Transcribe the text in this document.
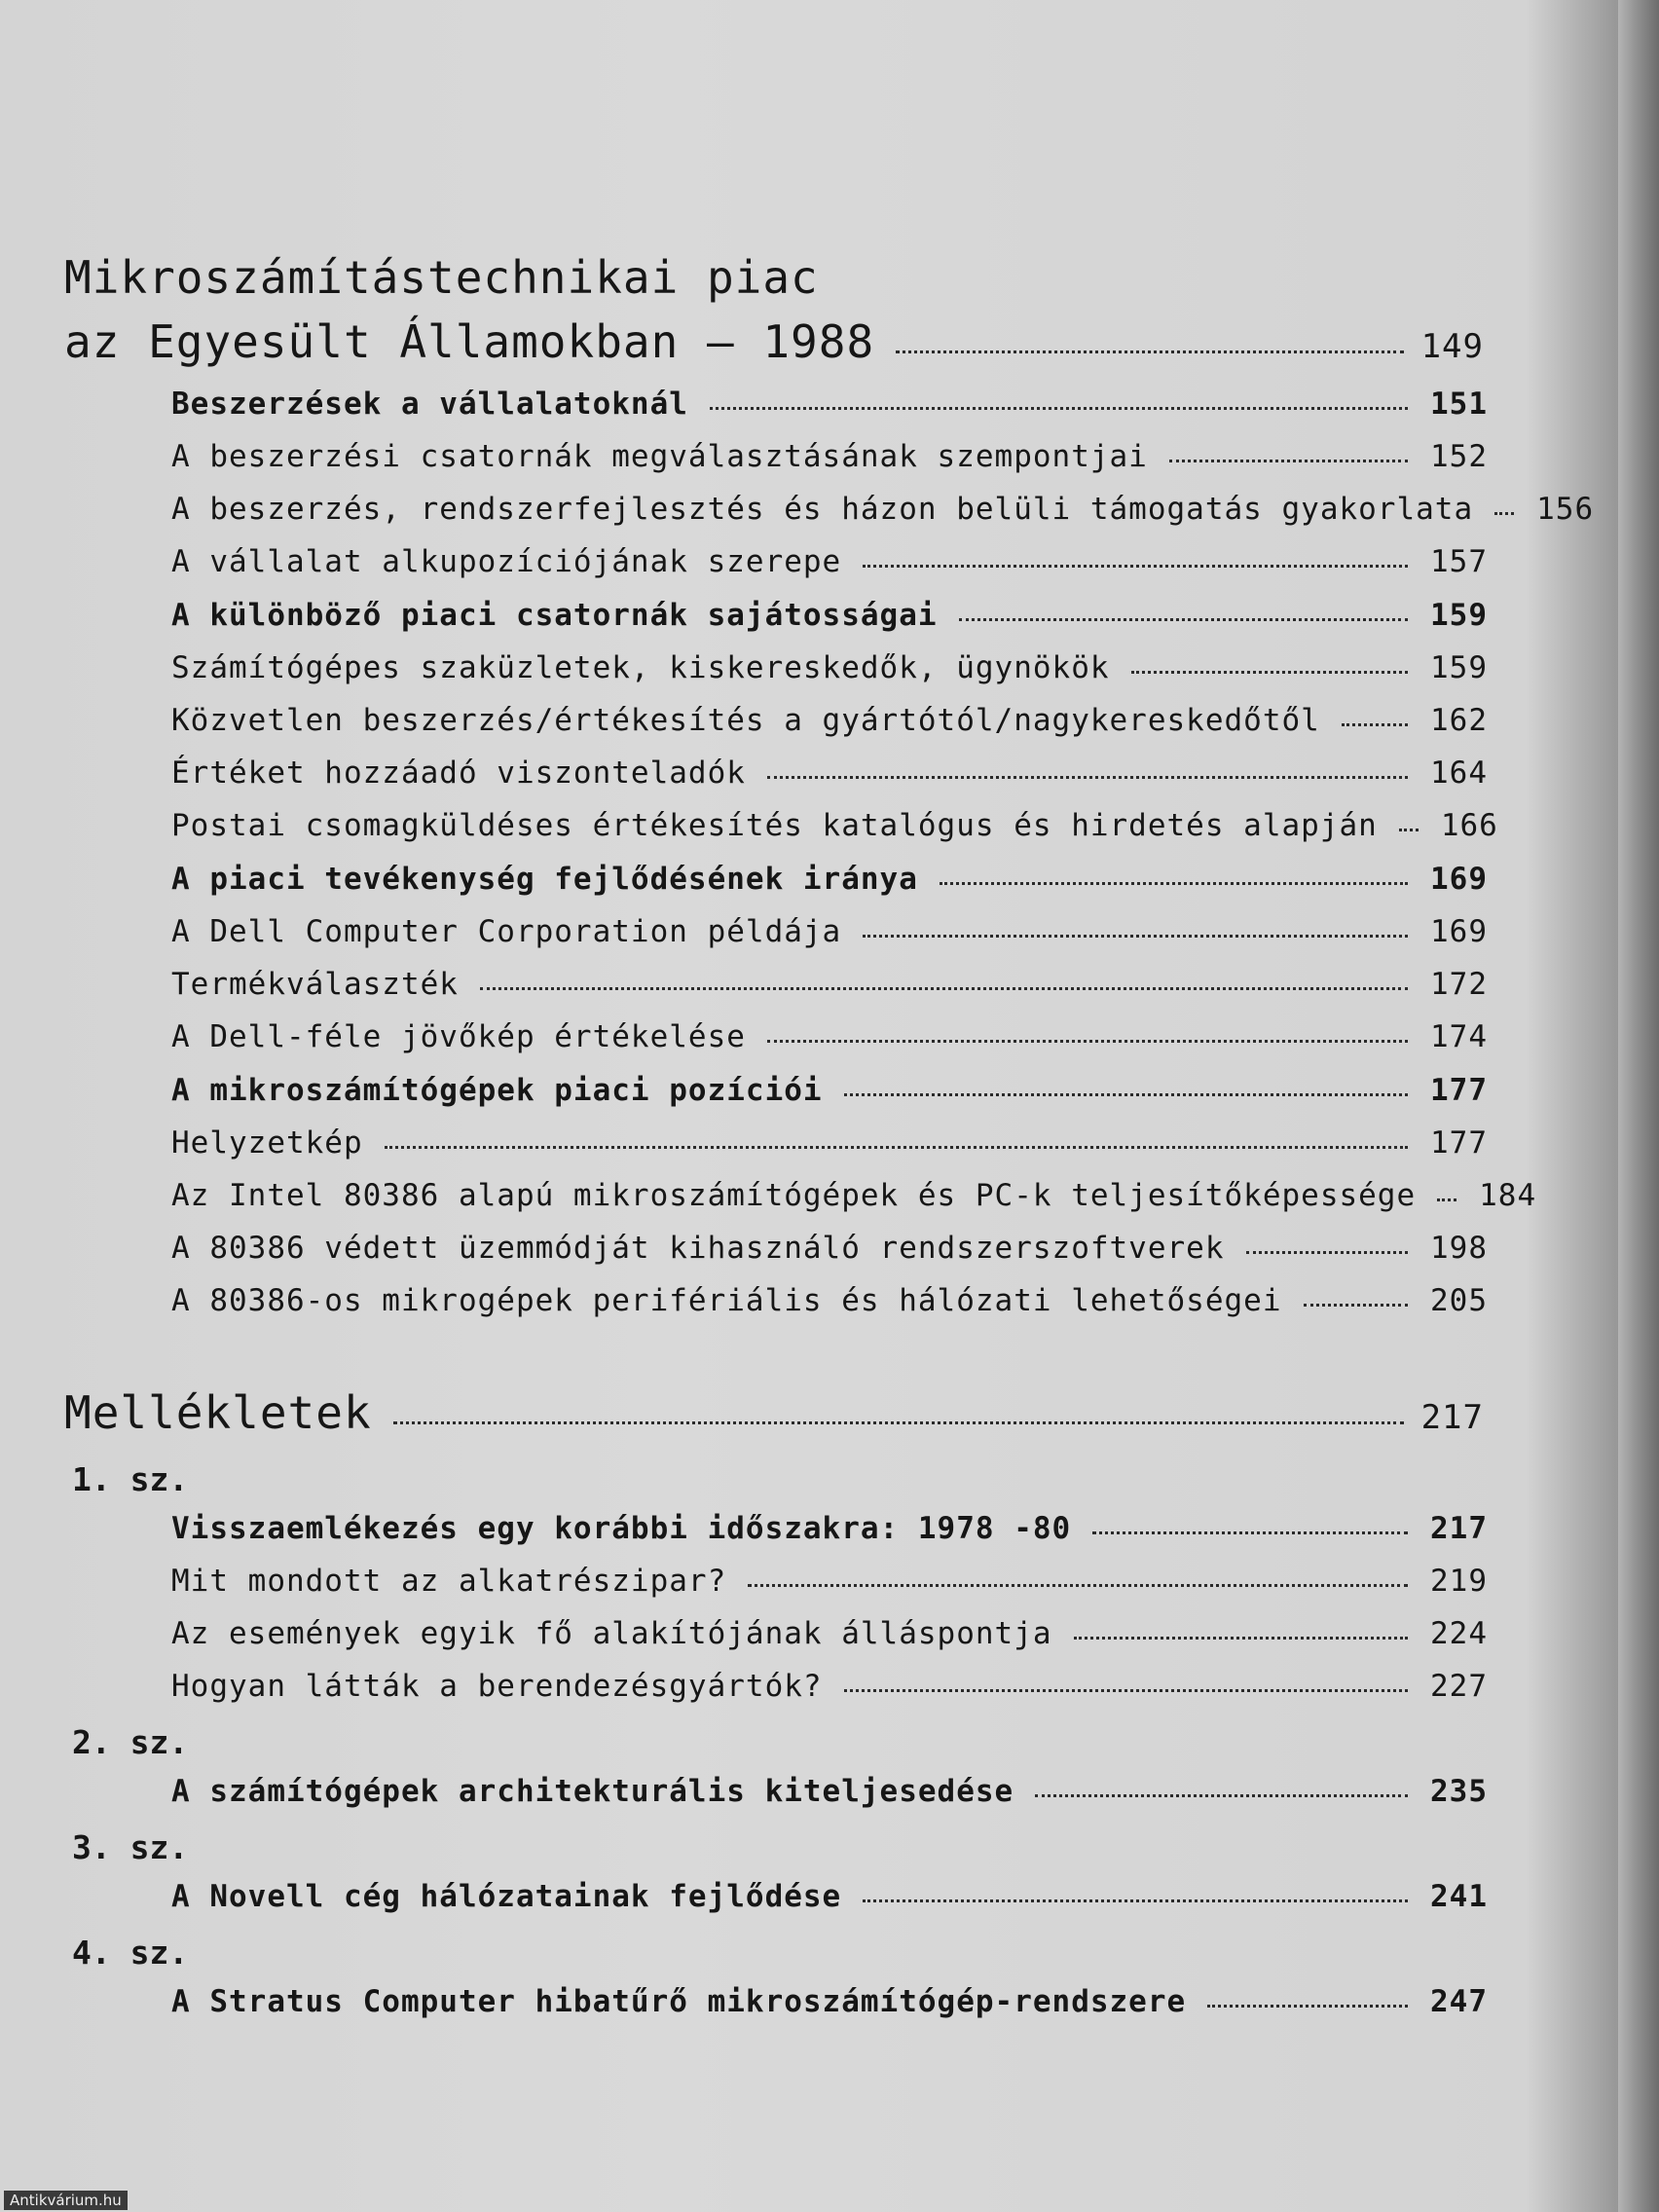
Mikroszámítástechnikai piac
az Egyesült Államokban — 1988	149
Beszerzések a vállalatoknál	151
A beszerzési csatornák megválasztásának szempontjai	152
A beszerzés, rendszerfejlesztés és házon belüli támogatás gyakorlata	156
A vállalat alkupozíciójának szerepe	157
A különböző piaci csatornák sajátosságai	159
Számítógépes szaküzletek, kiskereskedők, ügynökök	159
Közvetlen beszerzés/értékesítés a gyártótól/nagykereskedőtől	162
Értéket hozzáadó viszonteladók	164
Postai csomagküldéses értékesítés katalógus és hirdetés alapján	166
A piaci tevékenység fejlődésének iránya	169
A Dell Computer Corporation példája	169
Termékválaszték	172
A Dell-féle jövőkép értékelése	174
A mikroszámítógépek piaci pozíciói	177
Helyzetkép	177
Az Intel 80386 alapú mikroszámítógépek és PC-k teljesítőképessége	184
A 80386 védett üzemmódját kihasználó rendszerszoftverek	198
A 80386-os mikrogépek perifériális és hálózati lehetőségei	205
Mellékletek	217
1. sz.
Visszaemlékezés egy korábbi időszakra: 1978 -80	217
Mit mondott az alkatrészipar?	219
Az események egyik fő alakítójának álláspontja	224
Hogyan látták a berendezésgyártók?	227
2. sz.
A számítógépek architekturális kiteljesedése	235
3. sz.
A Novell cég hálózatainak fejlődése	241
4. sz.
A Stratus Computer hibatűrő mikroszámítógép-rendszere	247
Antikvárium.hu
